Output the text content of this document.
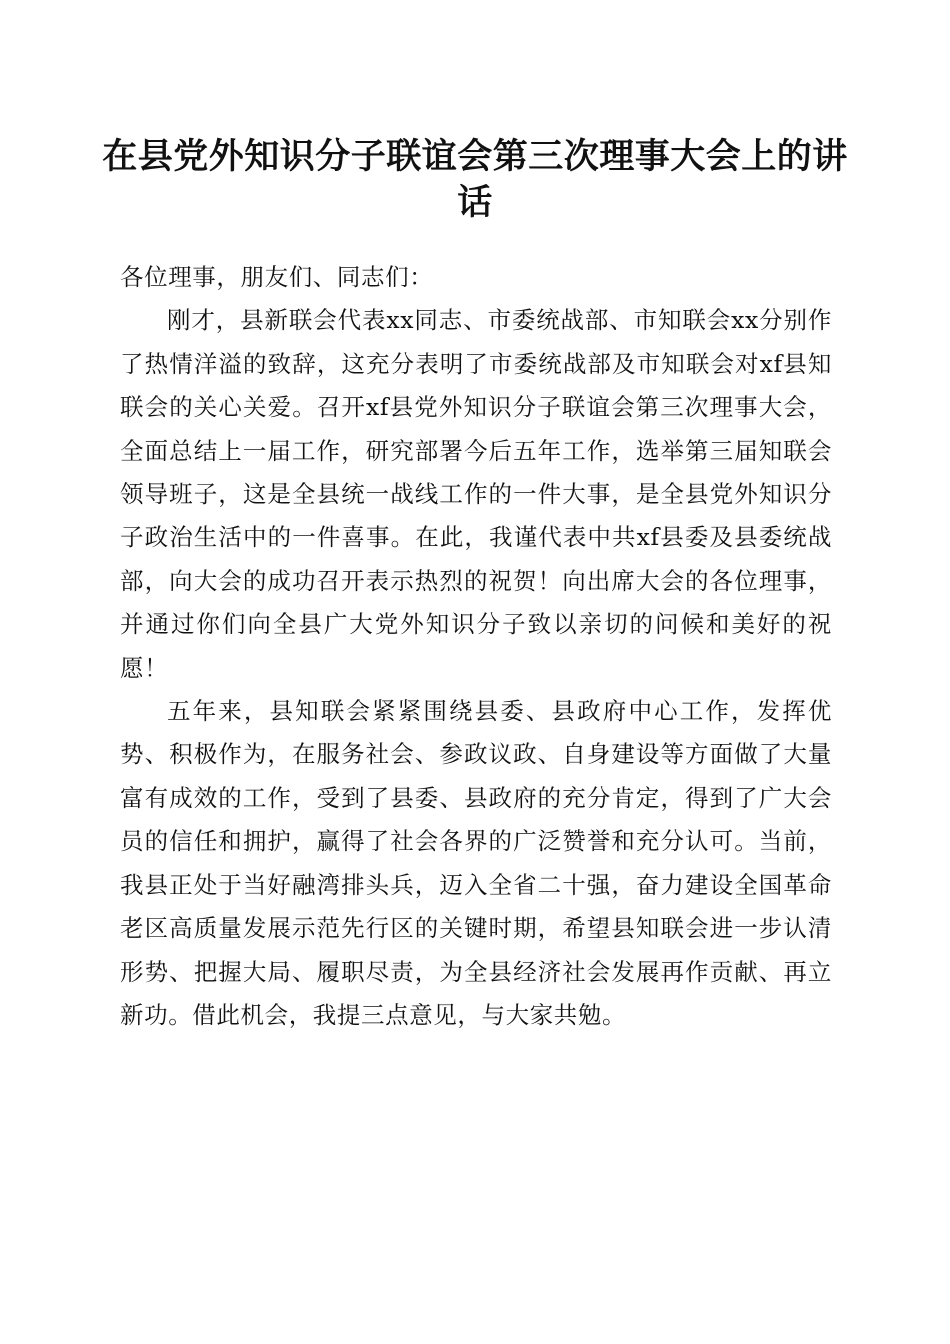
在县党外知识分子联谊会第三次理事大会上的讲话

各位理事，朋友们、同志们：

刚才，县新联会代表xx同志、市委统战部、市知联会xx分别作了热情洋溢的致辞，这充分表明了市委统战部及市知联会对xf县知联会的关心关爱。召开xf县党外知识分子联谊会第三次理事大会，全面总结上一届工作，研究部署今后五年工作，选举第三届知联会领导班子，这是全县统一战线工作的一件大事，是全县党外知识分子政治生活中的一件喜事。在此，我谨代表中共xf县委及县委统战部，向大会的成功召开表示热烈的祝贺！向出席大会的各位理事，并通过你们向全县广大党外知识分子致以亲切的问候和美好的祝愿！

五年来，县知联会紧紧围绕县委、县政府中心工作，发挥优势、积极作为，在服务社会、参政议政、自身建设等方面做了大量富有成效的工作，受到了县委、县政府的充分肯定，得到了广大会员的信任和拥护，赢得了社会各界的广泛赞誉和充分认可。当前，我县正处于当好融湾排头兵，迈入全省二十强，奋力建设全国革命老区高质量发展示范先行区的关键时期，希望县知联会进一步认清形势、把握大局、履职尽责，为全县经济社会发展再作贡献、再立新功。借此机会，我提三点意见，与大家共勉。
